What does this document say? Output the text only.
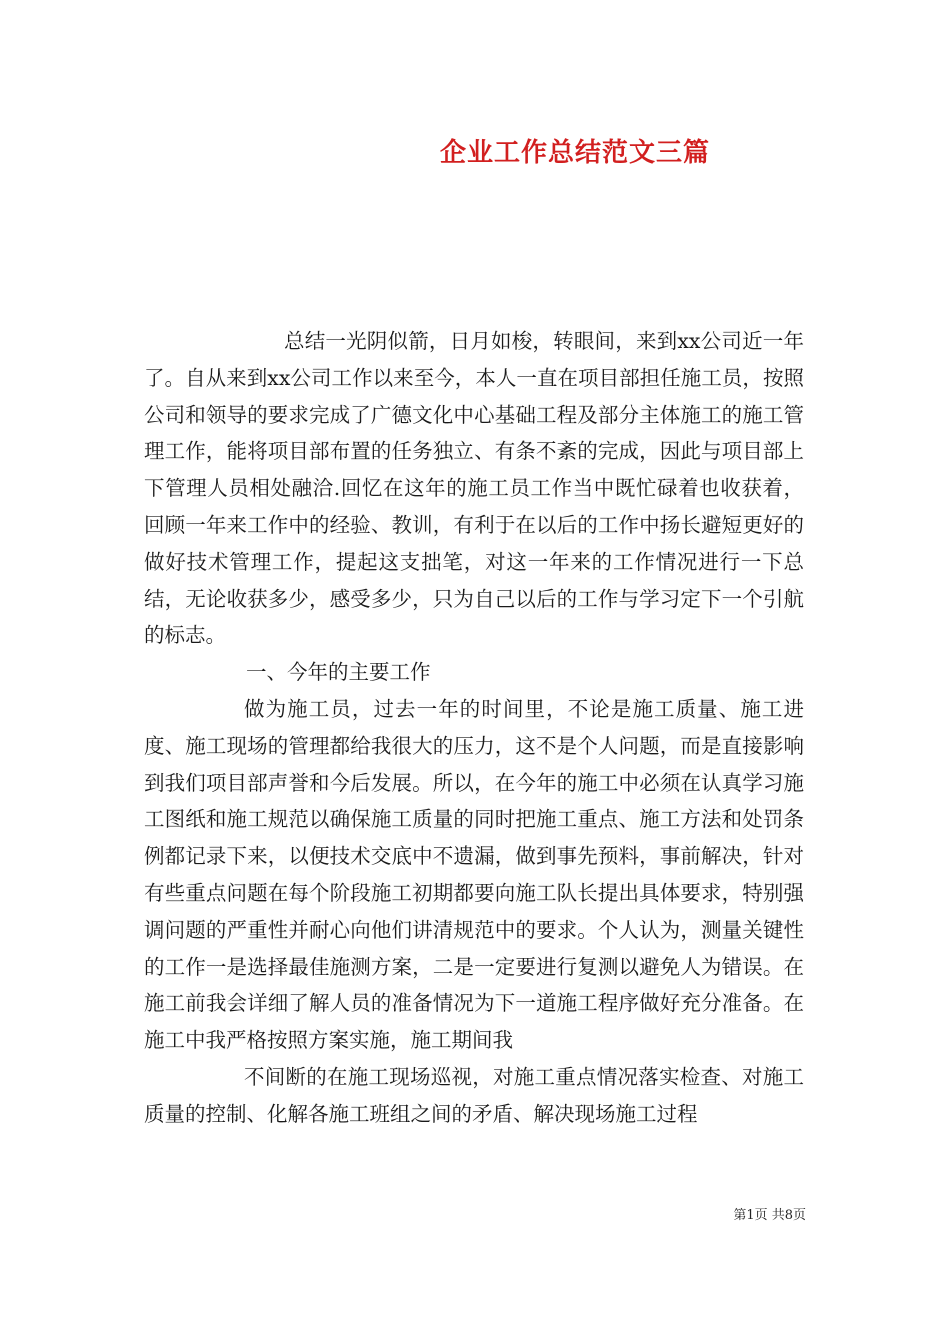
企业工作总结范文三篇

总结一光阴似箭，日月如梭，转眼间，来到xx公司近一年了。自从来到xx公司工作以来至今，本人一直在项目部担任施工员，按照公司和领导的要求完成了广德文化中心基础工程及部分主体施工的施工管理工作，能将项目部布置的任务独立、有条不紊的完成，因此与项目部上下管理人员相处融洽.回忆在这年的施工员工作当中既忙碌着也收获着，回顾一年来工作中的经验、教训，有利于在以后的工作中扬长避短更好的做好技术管理工作，提起这支拙笔，对这一年来的工作情况进行一下总结，无论收获多少，感受多少，只为自己以后的工作与学习定下一个引航的标志。

一、今年的主要工作

做为施工员，过去一年的时间里，不论是施工质量、施工进度、施工现场的管理都给我很大的压力，这不是个人问题，而是直接影响到我们项目部声誉和今后发展。所以，在今年的施工中必须在认真学习施工图纸和施工规范以确保施工质量的同时把施工重点、施工方法和处罚条例都记录下来，以便技术交底中不遗漏，做到事先预料，事前解决，针对有些重点问题在每个阶段施工初期都要向施工队长提出具体要求，特别强调问题的严重性并耐心向他们讲清规范中的要求。个人认为，测量关键性的工作一是选择最佳施测方案，二是一定要进行复测以避免人为错误。在施工前我会详细了解人员的准备情况为下一道施工程序做好充分准备。在施工中我严格按照方案实施，施工期间我

不间断的在施工现场巡视，对施工重点情况落实检查、对施工质量的控制、化解各施工班组之间的矛盾、解决现场施工过程

第1页 共8页
